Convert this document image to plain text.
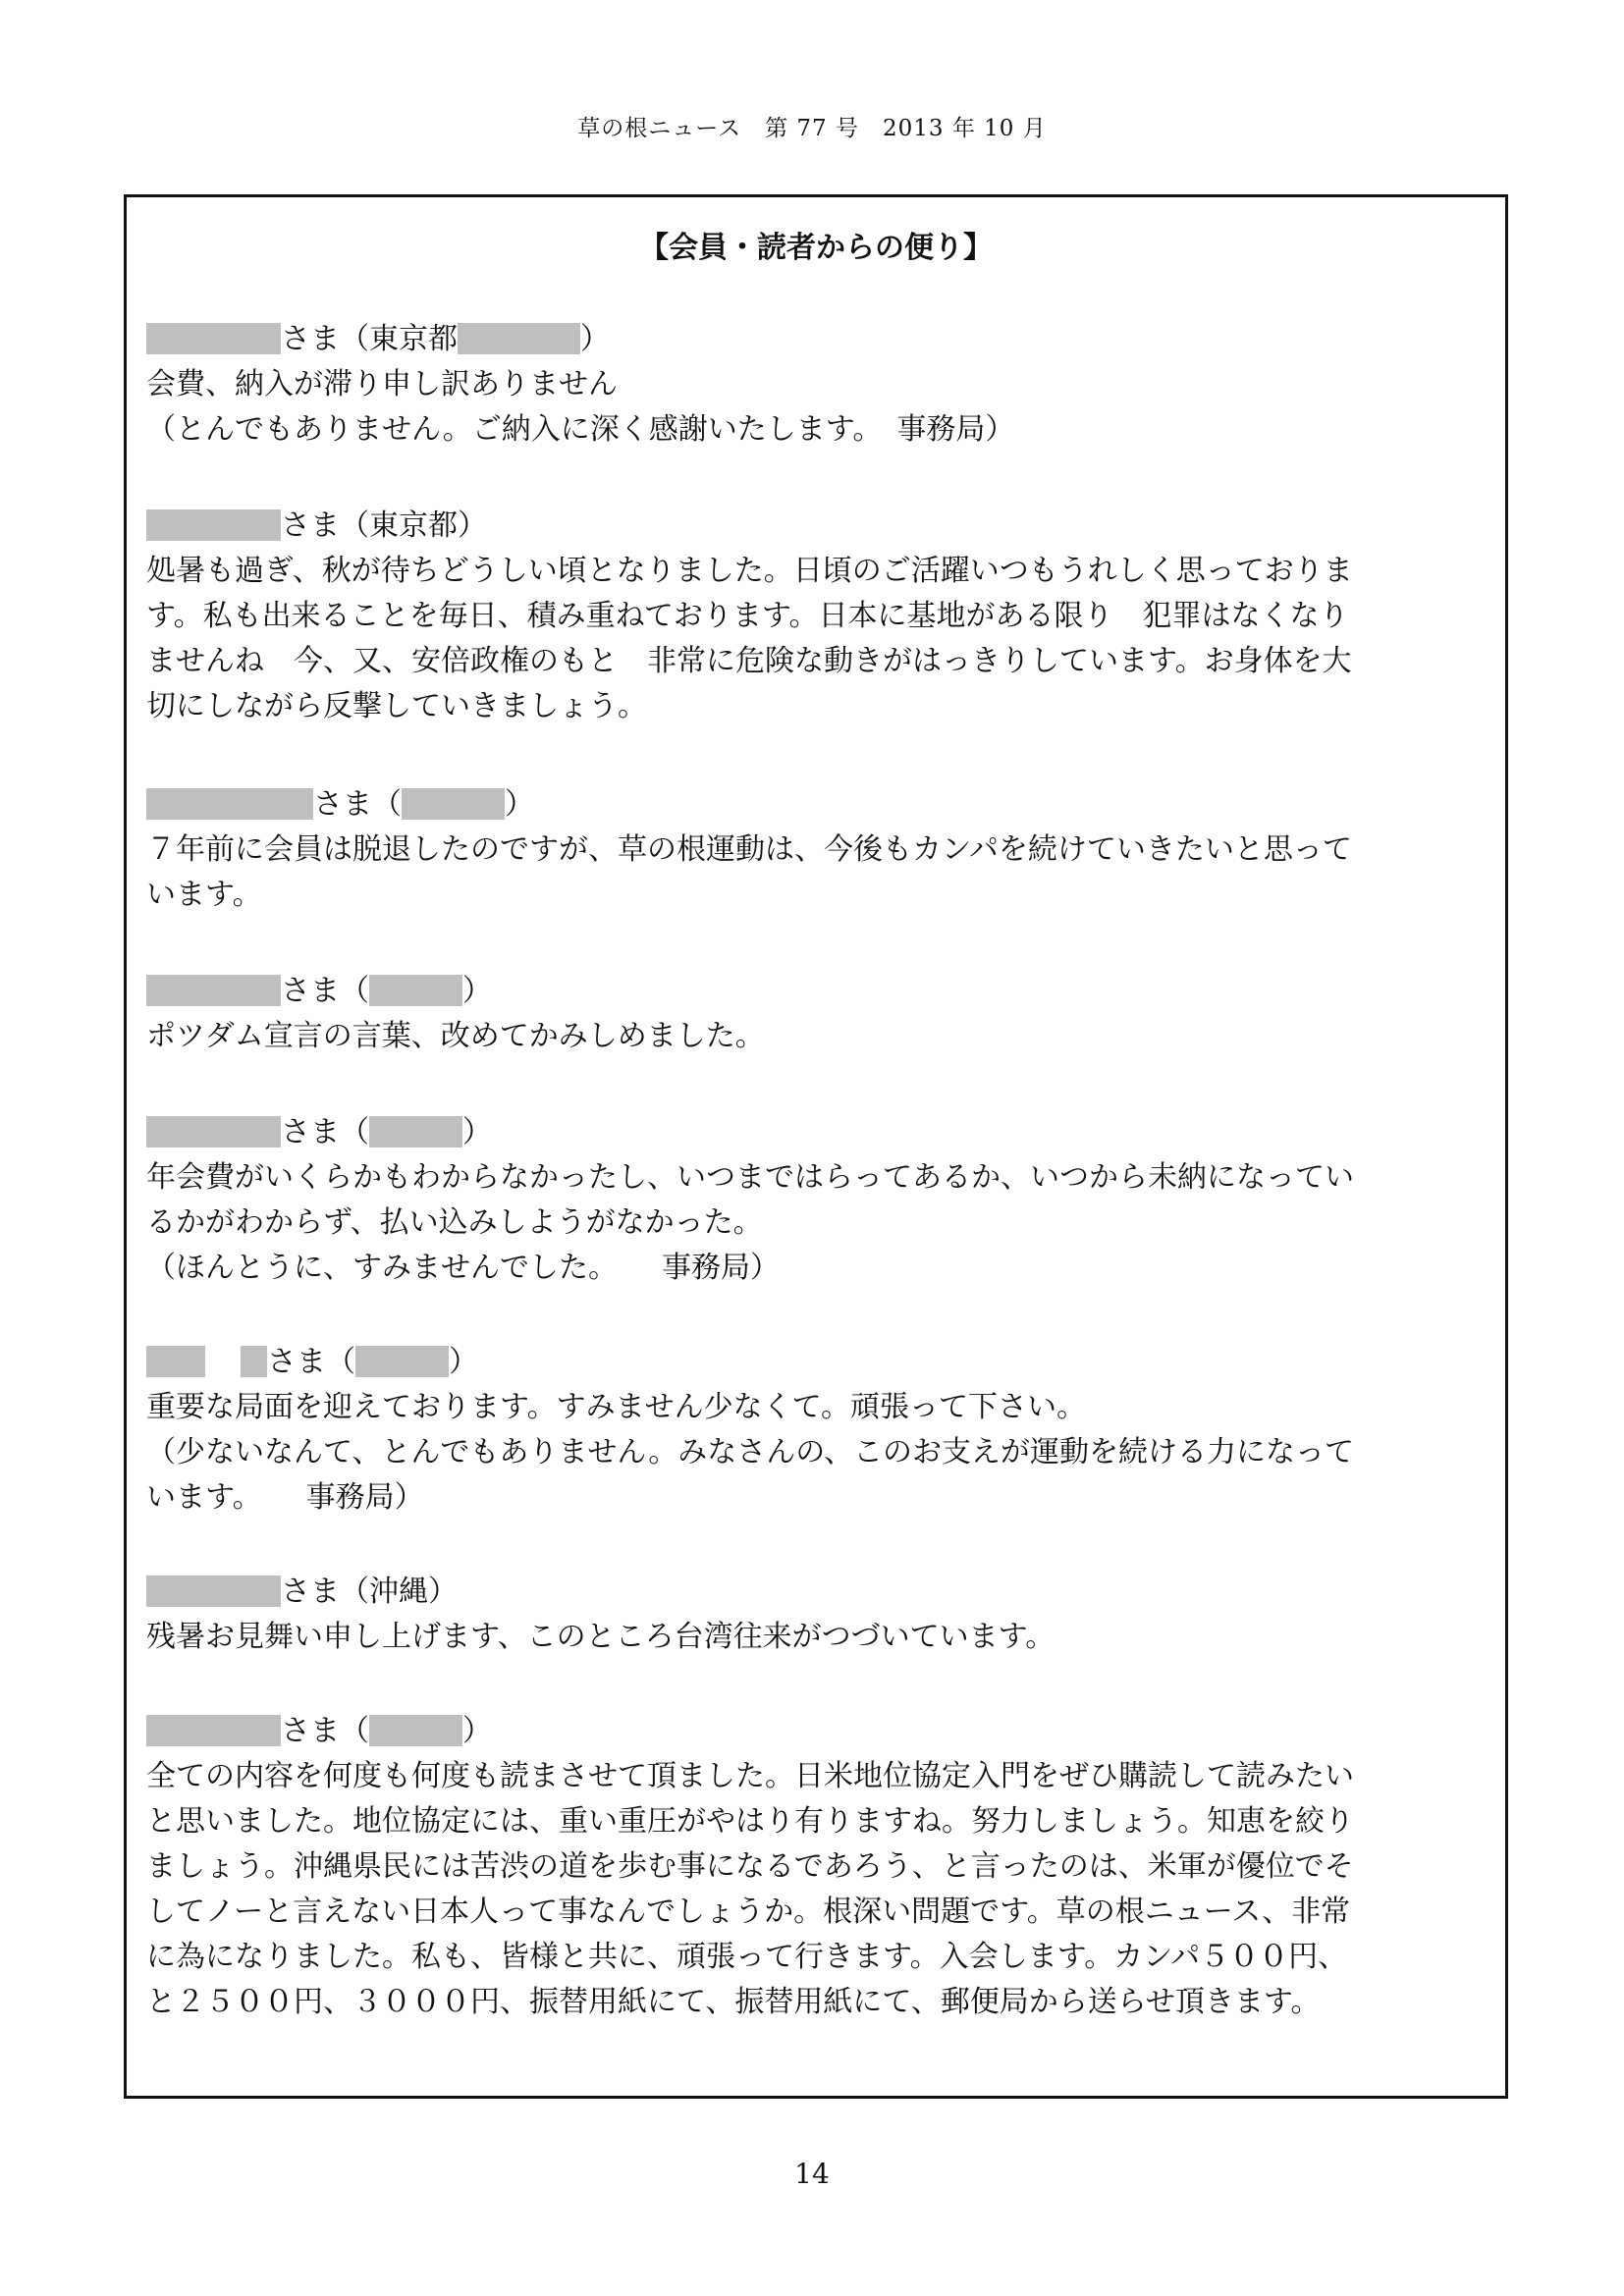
草の根ニュース　第 77 号　2013 年 10 月
【会員・読者からの便り】
さま（東京都	）
会費、納入が滞り申し訳ありません
（とんでもありません。ご納入に深く感謝いたします。　事務局）
さま（東京都）
処暑も過ぎ、秋が待ちどうしい頃となりました。日頃のご活躍いつもうれしく思っておりま
す。私も出来ることを毎日、積み重ねております。日本に基地がある限り　犯罪はなくなり
ませんね　今、又、安倍政権のもと　非常に危険な動きがはっきりしています。お身体を大
切にしながら反撃していきましょう。
さま（	）
７年前に会員は脱退したのですが、草の根運動は、今後もカンパを続けていきたいと思って
います。
さま（	）
ポツダム宣言の言葉、改めてかみしめました。
さま（	）
年会費がいくらかもわからなかったし、いつまではらってあるか、いつから未納になってい
るかがわからず、払い込みしようがなかった。
（ほんとうに、すみませんでした。　　事務局）
さま（	）
重要な局面を迎えております。すみません少なくて。頑張って下さい。
（少ないなんて、とんでもありません。みなさんの、このお支えが運動を続ける力になって
います。　　事務局）
さま（沖縄）
残暑お見舞い申し上げます、このところ台湾往来がつづいています。
さま（	）
全ての内容を何度も何度も読まさせて頂ました。日米地位協定入門をぜひ購読して読みたい
と思いました。地位協定には、重い重圧がやはり有りますね。努力しましょう。知恵を絞り
ましょう。沖縄県民には苦渋の道を歩む事になるであろう、と言ったのは、米軍が優位でそ
してノーと言えない日本人って事なんでしょうか。根深い問題です。草の根ニュース、非常
に為になりました。私も、皆様と共に、頑張って行きます。入会します。カンパ５００円、
と２５００円、３０００円、振替用紙にて、振替用紙にて、郵便局から送らせ頂きます。
14
